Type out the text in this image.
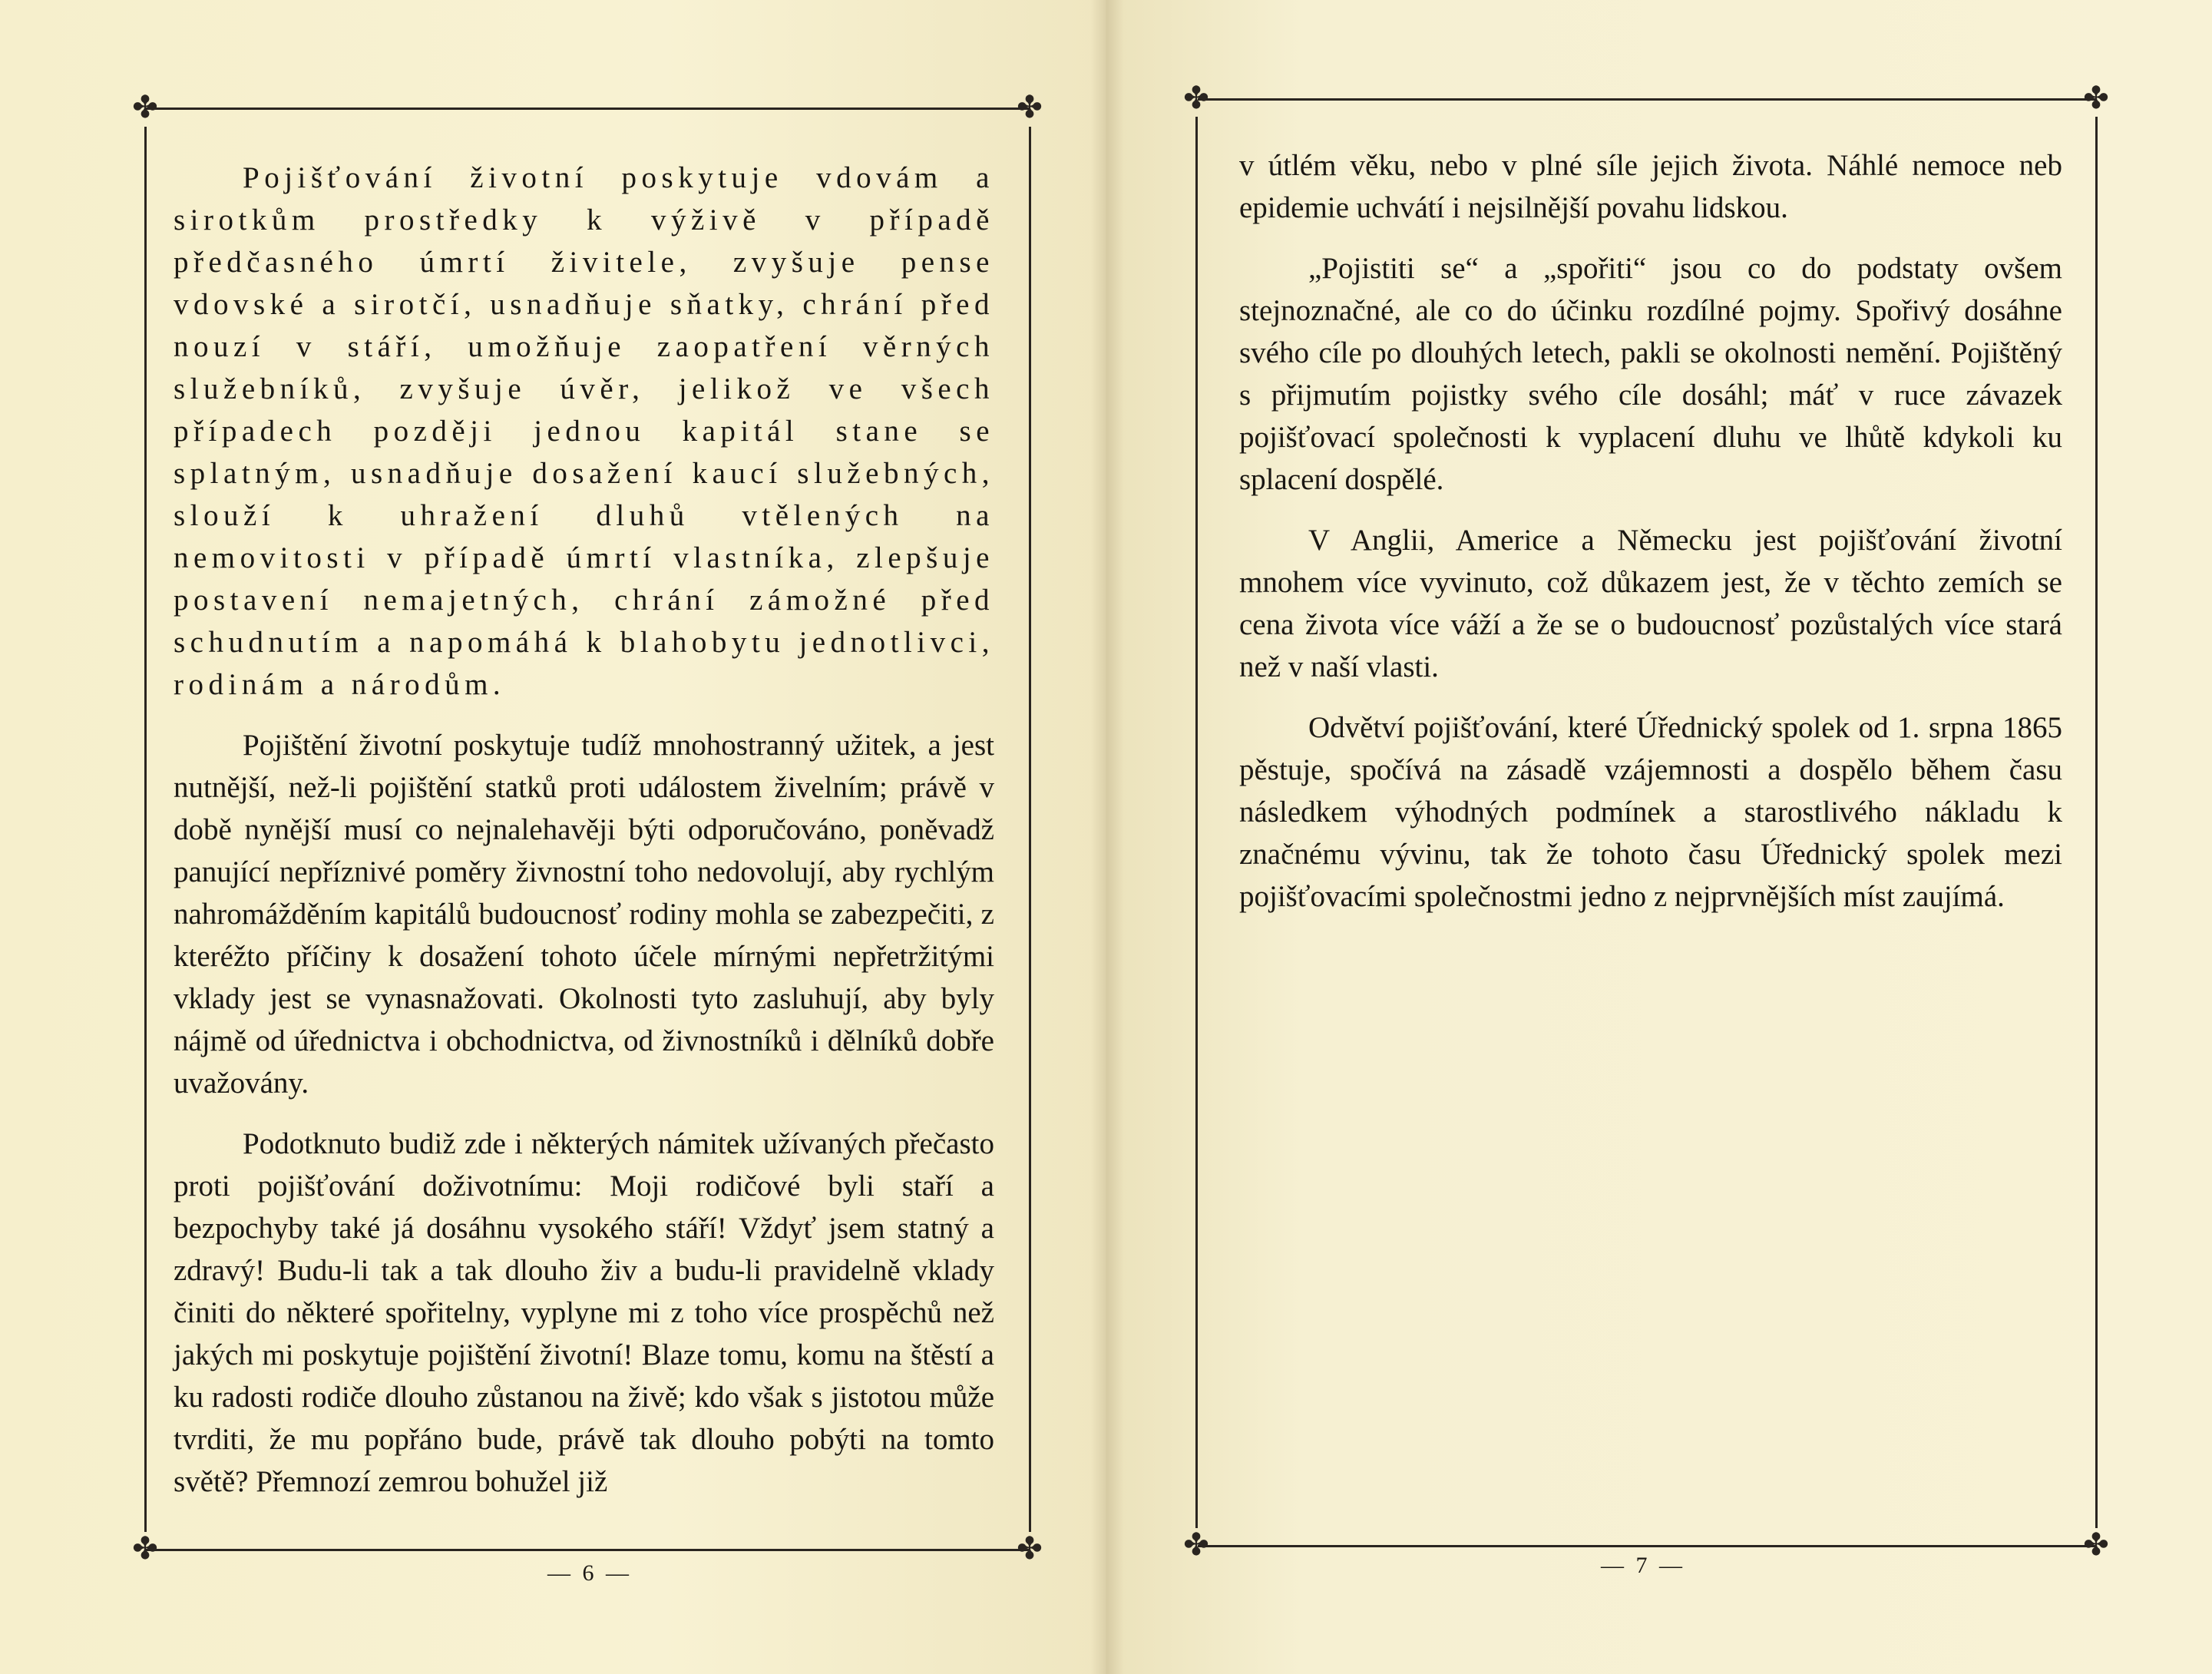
✤	✤
✤	✤

Pojišťování životní poskytuje vdovám a sirotkům prostředky k výživě v případě předčasného úmrtí živitele, zvyšuje pense vdovské a sirotčí, usnadňuje sňatky, chrání před nouzí v stáří, umožňuje zaopatření věrných služebníků, zvyšuje úvěr, jelikož ve všech případech později jednou kapitál stane se splatným, usnadňuje dosažení kaucí služebných, slouží k uhražení dluhů vtělených na nemovitosti v případě úmrtí vlastníka, zlepšuje postavení nemajetných, chrání zámožné před schudnutím a napomáhá k blahobytu jednotlivci, rodinám a národům.

Pojištění životní poskytuje tudíž mnohostranný užitek, a jest nutnější, než-li pojištění statků proti událostem živelním; právě v době nynější musí co nejnalehavěji býti odporučováno, poněvadž panující nepříznivé poměry živnostní toho nedovolují, aby rychlým nahromážděním kapitálů budoucnosť rodiny mohla se zabezpečiti, z kteréžto příčiny k dosažení tohoto účele mírnými nepřetržitými vklady jest se vynasnažovati. Okolnosti tyto zasluhují, aby byly nájmě od úřednictva i obchodnictva, od živnostníků i dělníků dobře uvažovány.

Podotknuto budiž zde i některých námitek užívaných přečasto proti pojišťování doživotnímu: Moji rodičové byli staří a bezpochyby také já dosáhnu vysokého stáří! Vždyť jsem statný a zdravý! Budu-li tak a tak dlouho živ a budu-li pravidelně vklady činiti do některé spořitelny, vyplyne mi z toho více prospěchů než jakých mi poskytuje pojištění životní! Blaze tomu, komu na štěstí a ku radosti rodiče dlouho zůstanou na živě; kdo však s jistotou může tvrditi, že mu popřáno bude, právě tak dlouho pobýti na tomto světě? Přemnozí zemrou bohužel již

— 6 —
✤	✤
✤	✤

v útlém věku, nebo v plné síle jejich života. Náhlé nemoce neb epidemie uchvátí i nejsilnější povahu lidskou.

„Pojistiti se“ a „spořiti“ jsou co do podstaty ovšem stejnoznačné, ale co do účinku rozdílné pojmy. Spořivý dosáhne svého cíle po dlouhých letech, pakli se okolnosti nemění. Pojištěný s přijmutím pojistky svého cíle dosáhl; máť v ruce závazek pojišťovací společnosti k vyplacení dluhu ve lhůtě kdykoli ku splacení dospělé.

V Anglii, Americe a Německu jest pojišťování životní mnohem více vyvinuto, což důkazem jest, že v těchto zemích se cena života více váží a že se o budoucnosť pozůstalých více stará než v naší vlasti.

Odvětví pojišťování, které Úřednický spolek od 1. srpna 1865 pěstuje, spočívá na zásadě vzájemnosti a dospělo během času následkem výhodných podmínek a starostlivého nákladu k značnému vývinu, tak že tohoto času Úřednický spolek mezi pojišťovacími společnostmi jedno z nejprvnějších míst zaujímá.

— 7 —
